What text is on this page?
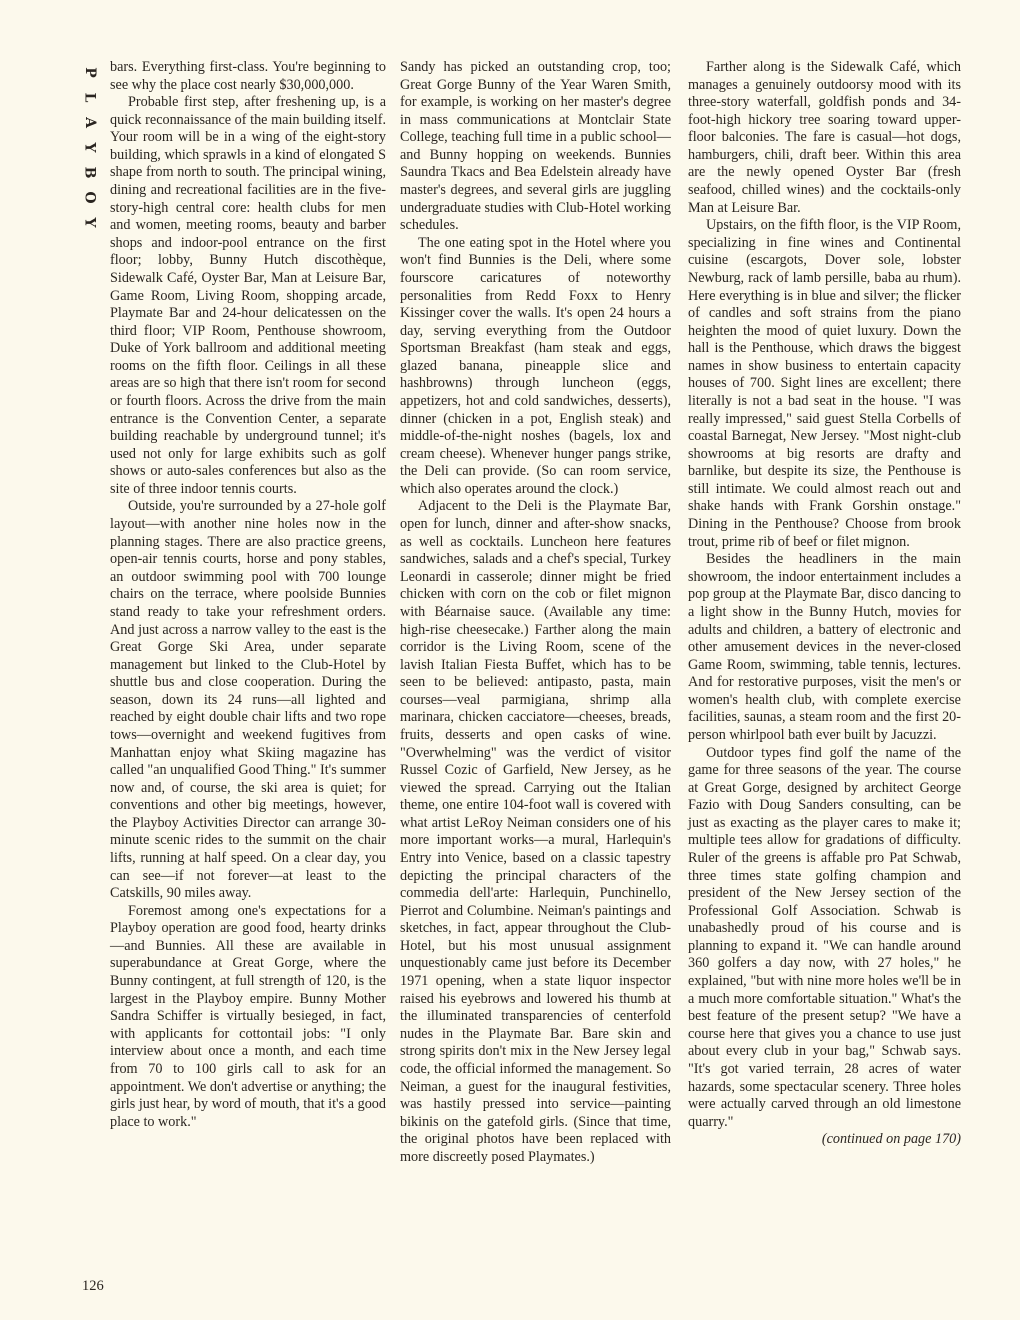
P
L
A
Y
B
O
Y

bars. Everything first-class. You're beginning to see why the place cost nearly $30,000,000.

Probable first step, after freshening up, is a quick reconnaissance of the main building itself. Your room will be in a wing of the eight-story building, which sprawls in a kind of elongated S shape from north to south. The principal wining, dining and recreational facilities are in the five-story-high central core: health clubs for men and women, meeting rooms, beauty and barber shops and indoor-pool entrance on the first floor; lobby, Bunny Hutch discothèque, Sidewalk Café, Oyster Bar, Man at Leisure Bar, Game Room, Living Room, shopping arcade, Playmate Bar and 24-hour delicatessen on the third floor; VIP Room, Penthouse showroom, Duke of York ballroom and additional meeting rooms on the fifth floor. Ceilings in all these areas are so high that there isn't room for second or fourth floors. Across the drive from the main entrance is the Convention Center, a separate building reachable by underground tunnel; it's used not only for large exhibits such as golf shows or auto-sales conferences but also as the site of three indoor tennis courts.

Outside, you're surrounded by a 27-hole golf layout—with another nine holes now in the planning stages. There are also practice greens, open-air tennis courts, horse and pony stables, an outdoor swimming pool with 700 lounge chairs on the terrace, where poolside Bunnies stand ready to take your refreshment orders. And just across a narrow valley to the east is the Great Gorge Ski Area, under separate management but linked to the Club-Hotel by shuttle bus and close cooperation. During the season, down its 24 runs—all lighted and reached by eight double chair lifts and two rope tows—overnight and weekend fugitives from Manhattan enjoy what Skiing magazine has called "an unqualified Good Thing." It's summer now and, of course, the ski area is quiet; for conventions and other big meetings, however, the Playboy Activities Director can arrange 30-minute scenic rides to the summit on the chair lifts, running at half speed. On a clear day, you can see—if not forever—at least to the Catskills, 90 miles away.

Foremost among one's expectations for a Playboy operation are good food, hearty drinks—and Bunnies. All these are available in superabundance at Great Gorge, where the Bunny contingent, at full strength of 120, is the largest in the Playboy empire. Bunny Mother Sandra Schiffer is virtually besieged, in fact, with applicants for cottontail jobs: "I only interview about once a month, and each time from 70 to 100 girls call to ask for an appointment. We don't advertise or anything; the girls just hear, by word of mouth, that it's a good place to work."

Sandy has picked an outstanding crop, too; Great Gorge Bunny of the Year Waren Smith, for example, is working on her master's degree in mass communications at Montclair State College, teaching full time in a public school—and Bunny hopping on weekends. Bunnies Saundra Tkacs and Bea Edelstein already have master's degrees, and several girls are juggling undergraduate studies with Club-Hotel working schedules.

The one eating spot in the Hotel where you won't find Bunnies is the Deli, where some fourscore caricatures of noteworthy personalities from Redd Foxx to Henry Kissinger cover the walls. It's open 24 hours a day, serving everything from the Outdoor Sportsman Breakfast (ham steak and eggs, glazed banana, pineapple slice and hashbrowns) through luncheon (eggs, appetizers, hot and cold sandwiches, desserts), dinner (chicken in a pot, English steak) and middle-of-the-night noshes (bagels, lox and cream cheese). Whenever hunger pangs strike, the Deli can provide. (So can room service, which also operates around the clock.)

Adjacent to the Deli is the Playmate Bar, open for lunch, dinner and after-show snacks, as well as cocktails. Luncheon here features sandwiches, salads and a chef's special, Turkey Leonardi in casserole; dinner might be fried chicken with corn on the cob or filet mignon with Béarnaise sauce. (Available any time: high-rise cheesecake.) Farther along the main corridor is the Living Room, scene of the lavish Italian Fiesta Buffet, which has to be seen to be believed: antipasto, pasta, main courses—veal parmigiana, shrimp alla marinara, chicken cacciatore—cheeses, breads, fruits, desserts and open casks of wine. "Overwhelming" was the verdict of visitor Russel Cozic of Garfield, New Jersey, as he viewed the spread. Carrying out the Italian theme, one entire 104-foot wall is covered with what artist LeRoy Neiman considers one of his more important works—a mural, Harlequin's Entry into Venice, based on a classic tapestry depicting the principal characters of the commedia dell'arte: Harlequin, Punchinello, Pierrot and Columbine. Neiman's paintings and sketches, in fact, appear throughout the Club-Hotel, but his most unusual assignment unquestionably came just before its December 1971 opening, when a state liquor inspector raised his eyebrows and lowered his thumb at the illuminated transparencies of centerfold nudes in the Playmate Bar. Bare skin and strong spirits don't mix in the New Jersey legal code, the official informed the management. So Neiman, a guest for the inaugural festivities, was hastily pressed into service—painting bikinis on the gatefold girls. (Since that time, the original photos have been replaced with more discreetly posed Playmates.)

Farther along is the Sidewalk Café, which manages a genuinely outdoorsy mood with its three-story waterfall, goldfish ponds and 34-foot-high hickory tree soaring toward upper-floor balconies. The fare is casual—hot dogs, hamburgers, chili, draft beer. Within this area are the newly opened Oyster Bar (fresh seafood, chilled wines) and the cocktails-only Man at Leisure Bar.

Upstairs, on the fifth floor, is the VIP Room, specializing in fine wines and Continental cuisine (escargots, Dover sole, lobster Newburg, rack of lamb persille, baba au rhum). Here everything is in blue and silver; the flicker of candles and soft strains from the piano heighten the mood of quiet luxury. Down the hall is the Penthouse, which draws the biggest names in show business to entertain capacity houses of 700. Sight lines are excellent; there literally is not a bad seat in the house. "I was really impressed," said guest Stella Corbells of coastal Barnegat, New Jersey. "Most night-club showrooms at big resorts are drafty and barnlike, but despite its size, the Penthouse is still intimate. We could almost reach out and shake hands with Frank Gorshin onstage." Dining in the Penthouse? Choose from brook trout, prime rib of beef or filet mignon.

Besides the headliners in the main showroom, the indoor entertainment includes a pop group at the Playmate Bar, disco dancing to a light show in the Bunny Hutch, movies for adults and children, a battery of electronic and other amusement devices in the never-closed Game Room, swimming, table tennis, lectures. And for restorative purposes, visit the men's or women's health club, with complete exercise facilities, saunas, a steam room and the first 20-person whirlpool bath ever built by Jacuzzi.

Outdoor types find golf the name of the game for three seasons of the year. The course at Great Gorge, designed by architect George Fazio with Doug Sanders consulting, can be just as exacting as the player cares to make it; multiple tees allow for gradations of difficulty. Ruler of the greens is affable pro Pat Schwab, three times state golfing champion and president of the New Jersey section of the Professional Golf Association. Schwab is unabashedly proud of his course and is planning to expand it. "We can handle around 360 golfers a day now, with 27 holes," he explained, "but with nine more holes we'll be in a much more comfortable situation." What's the best feature of the present setup? "We have a course here that gives you a chance to use just about every club in your bag," Schwab says. "It's got varied terrain, 28 acres of water hazards, some spectacular scenery. Three holes were actually carved through an old limestone quarry."

(continued on page 170)

126
